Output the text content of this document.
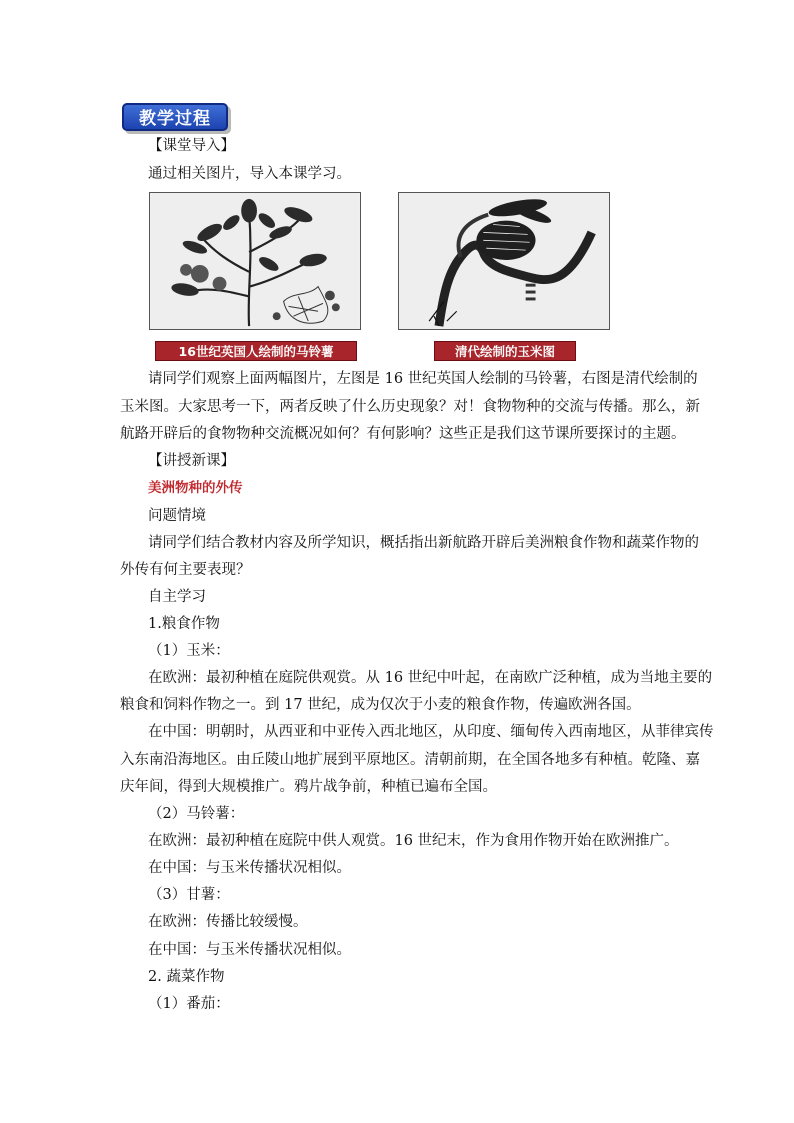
教学过程
【课堂导入】
通过相关图片，导入本课学习。
16世纪英国人绘制的马铃薯	清代绘制的玉米图
请同学们观察上面两幅图片，左图是 16 世纪英国人绘制的马铃薯，右图是清代绘制的
玉米图。大家思考一下，两者反映了什么历史现象？对！食物物种的交流与传播。那么，新
航路开辟后的食物物种交流概况如何？有何影响？这些正是我们这节课所要探讨的主题。
【讲授新课】
美洲物种的外传
问题情境
请同学们结合教材内容及所学知识，概括指出新航路开辟后美洲粮食作物和蔬菜作物的
外传有何主要表现？
自主学习
1.粮食作物
（1）玉米：
在欧洲：最初种植在庭院供观赏。从 16 世纪中叶起，在南欧广泛种植，成为当地主要的
粮食和饲料作物之一。到 17 世纪，成为仅次于小麦的粮食作物，传遍欧洲各国。
在中国：明朝时，从西亚和中亚传入西北地区，从印度、缅甸传入西南地区，从菲律宾传
入东南沿海地区。由丘陵山地扩展到平原地区。清朝前期，在全国各地多有种植。乾隆、嘉
庆年间，得到大规模推广。鸦片战争前，种植已遍布全国。
（2）马铃薯：
在欧洲：最初种植在庭院中供人观赏。16 世纪末，作为食用作物开始在欧洲推广。
在中国：与玉米传播状况相似。
（3）甘薯：
在欧洲：传播比较缓慢。
在中国：与玉米传播状况相似。
2. 蔬菜作物
（1）番茄：
